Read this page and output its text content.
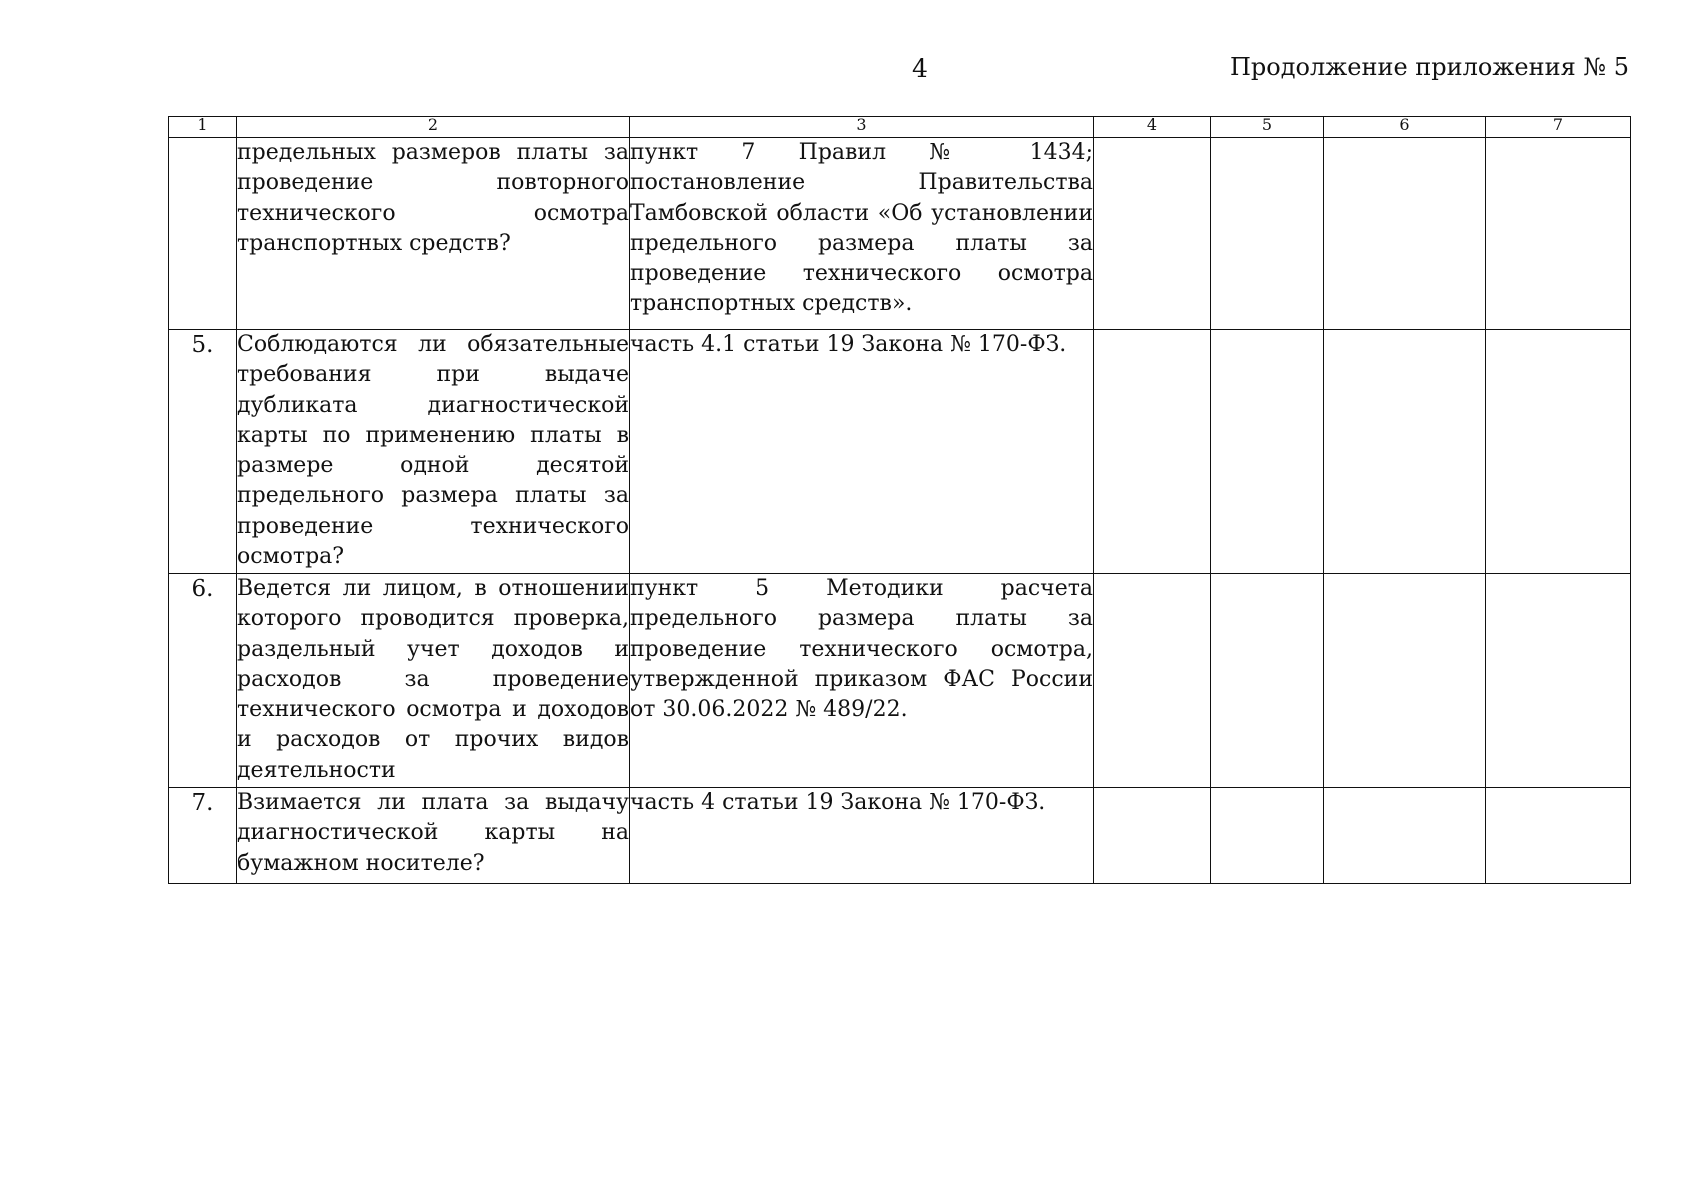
4	Продолжение приложения № 5
1	2	3	4	5	6	7
	предельных размеров платы за проведение повторного технического осмотра транспортных средств?	пункт 7 Правил № 1434; постановление Правительства Тамбовской области «Об установлении предельного размера платы за проведение технического осмотра транспортных средств».				
5.	Соблюдаются ли обязательные требования при выдаче дубликата диагностической карты по применению платы в размере одной десятой предельного размера платы за проведение технического осмотра?	часть 4.1 статьи 19 Закона № 170-ФЗ.				
6.	Ведется ли лицом, в отношении которого проводится проверка, раздельный учет доходов и расходов за проведение технического осмотра и доходов и расходов от прочих видов деятельности	пункт 5 Методики расчета предельного размера платы за проведение технического осмотра, утвержденной приказом ФАС России от 30.06.2022 № 489/22.				
7.	Взимается ли плата за выдачу диагностической карты на бумажном носителе?	часть 4 статьи 19 Закона № 170-ФЗ.				
